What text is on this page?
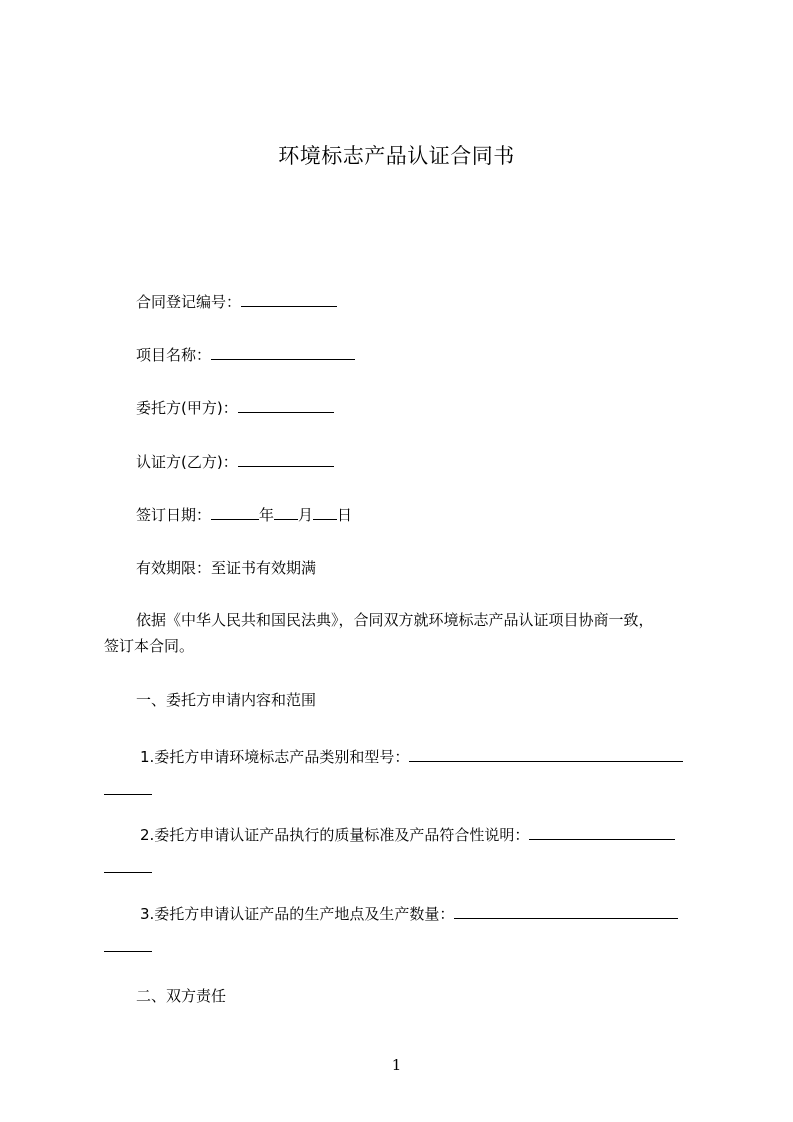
环境标志产品认证合同书
合同登记编号：
项目名称：
委托方(甲方)：
认证方(乙方)：
签订日期：	年 月 日
有效期限：至证书有效期满
依据《中华人民共和国民法典》，合同双方就环境标志产品认证项目协商一致，
签订本合同。
一、委托方申请内容和范围
1.委托方申请环境标志产品类别和型号：
2.委托方申请认证产品执行的质量标准及产品符合性说明：
3.委托方申请认证产品的生产地点及生产数量：
二、双方责任
1
